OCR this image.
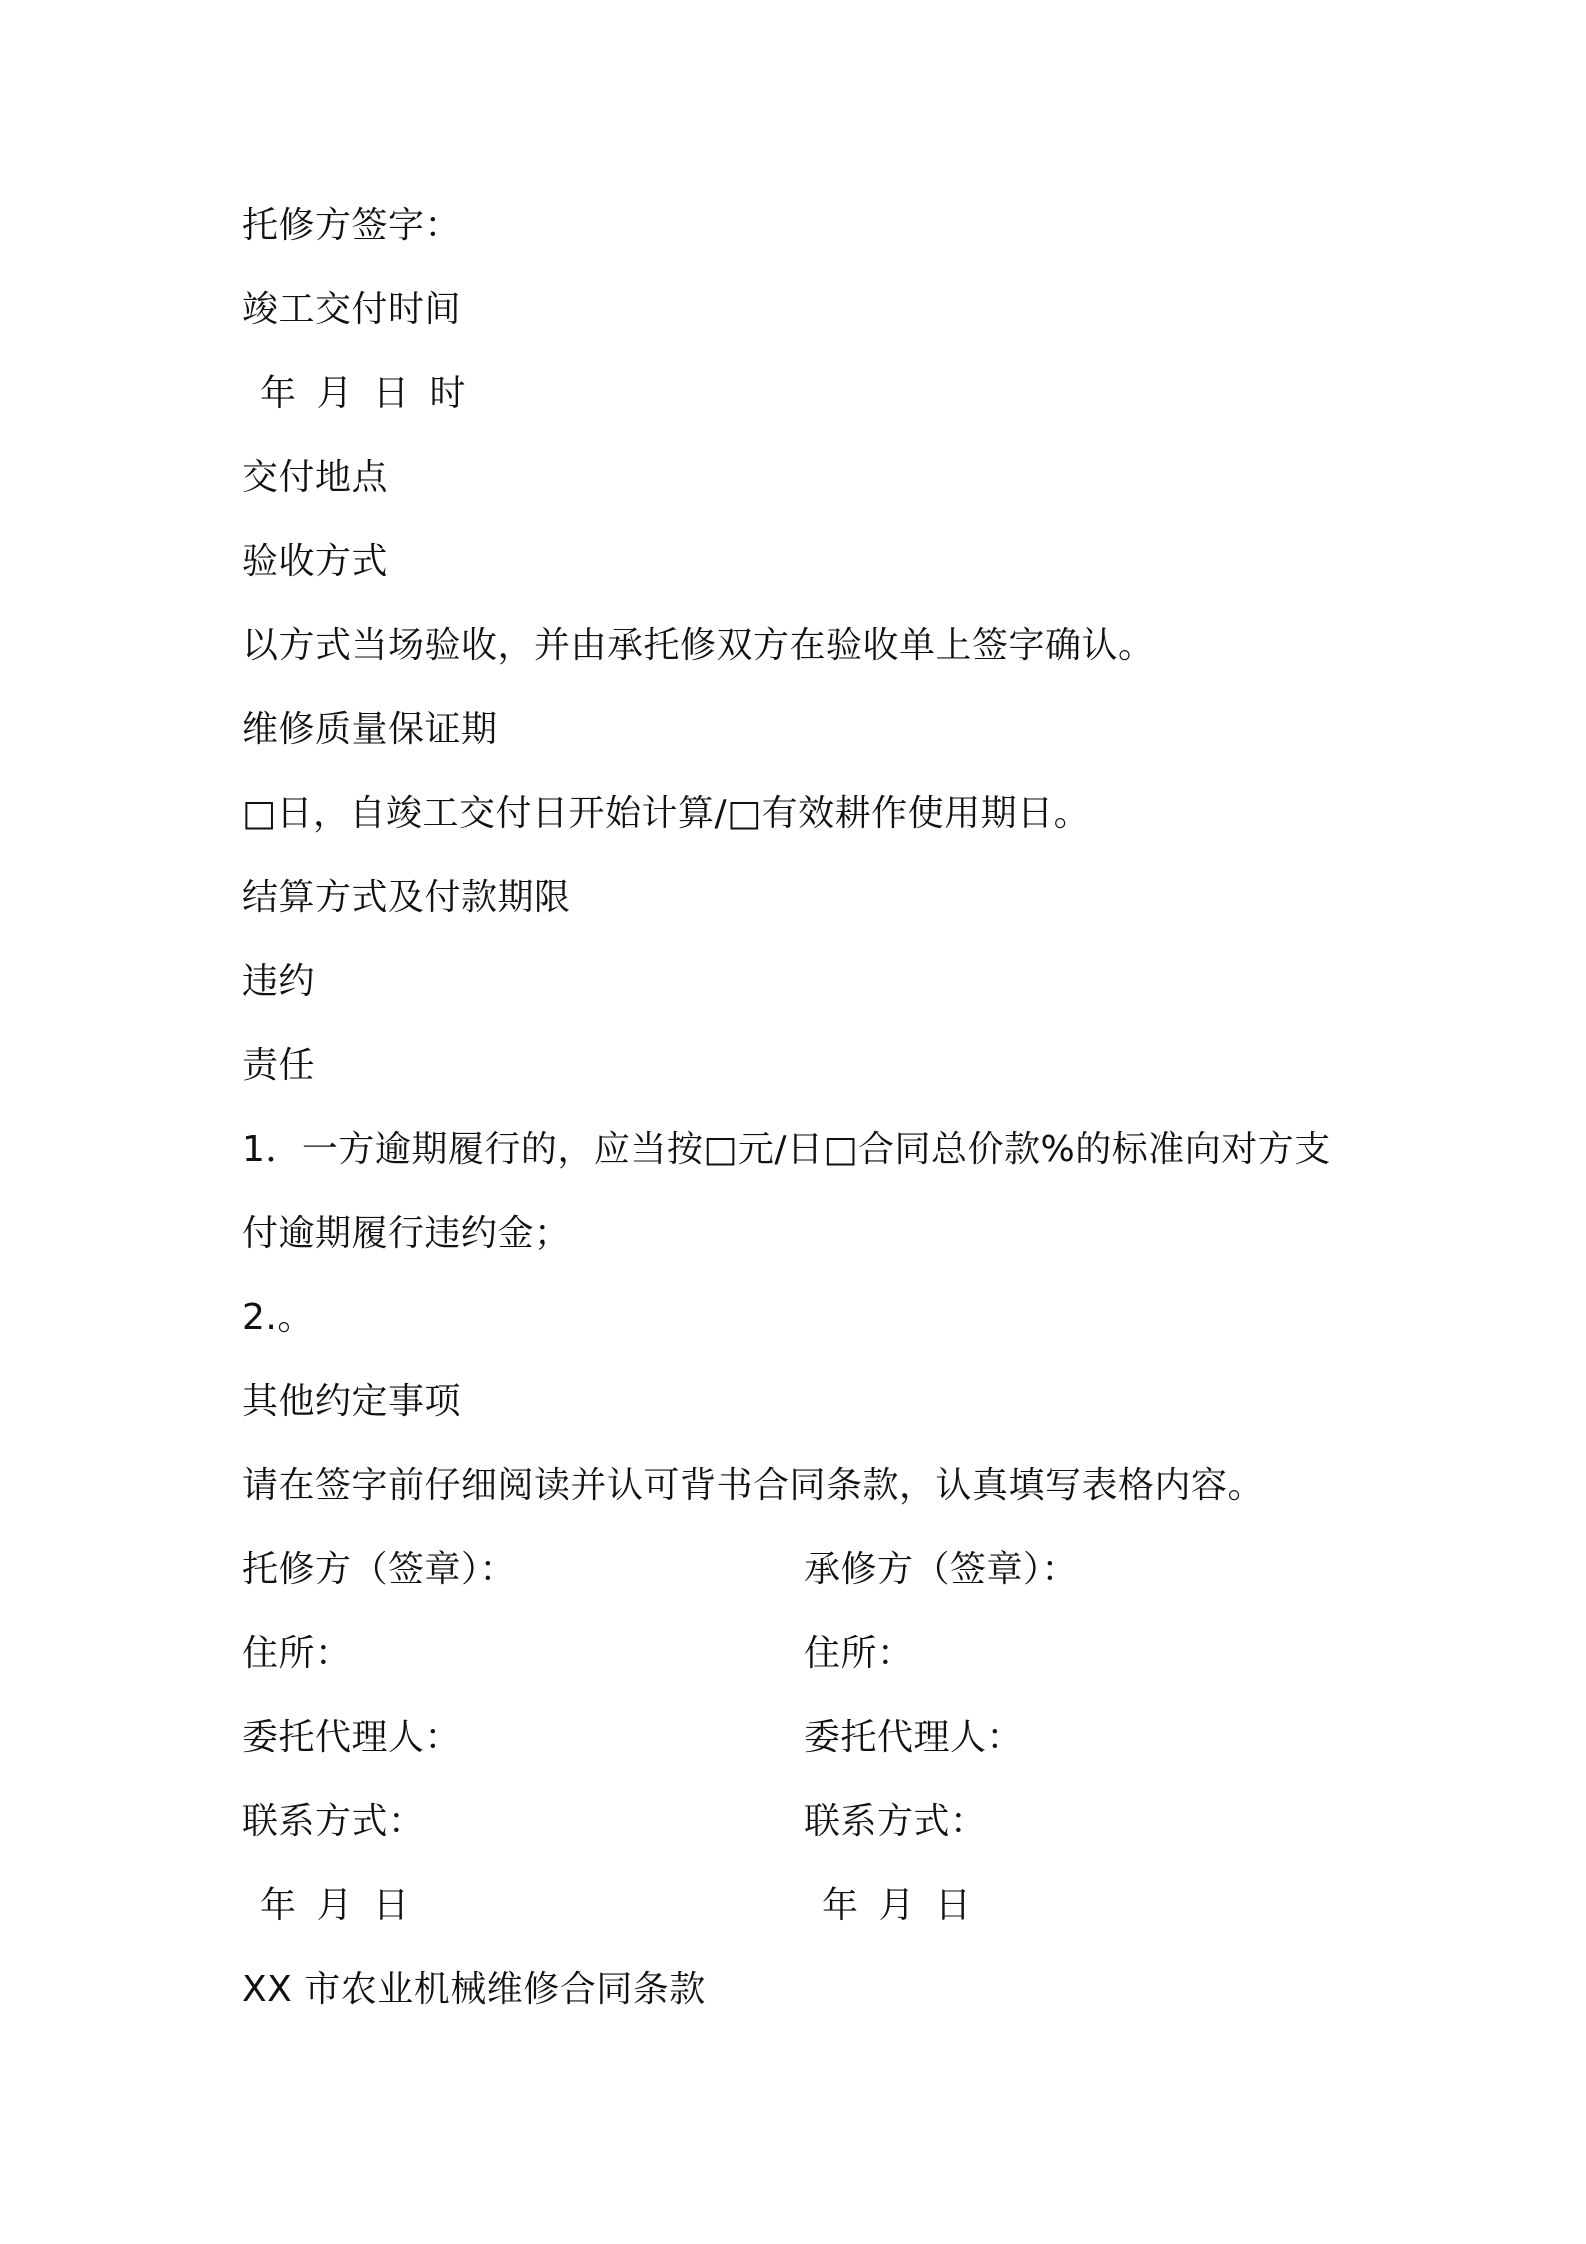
托修方签字：
竣工交付时间
年 月 日 时
交付地点
验收方式
以方式当场验收，并由承托修双方在验收单上签字确认。
维修质量保证期
□日，自竣工交付日开始计算/□有效耕作使用期日。
结算方式及付款期限
违约
责任
1．一方逾期履行的，应当按□元/日□合同总价款%的标准向对方支
付逾期履行违约金；
2.。
其他约定事项
请在签字前仔细阅读并认可背书合同条款，认真填写表格内容。
托修方（签章）：
住所：
委托代理人：
联系方式：
年 月 日
承修方（签章）：
住所：
委托代理人：
联系方式：
年 月 日
XX 市农业机械维修合同条款
